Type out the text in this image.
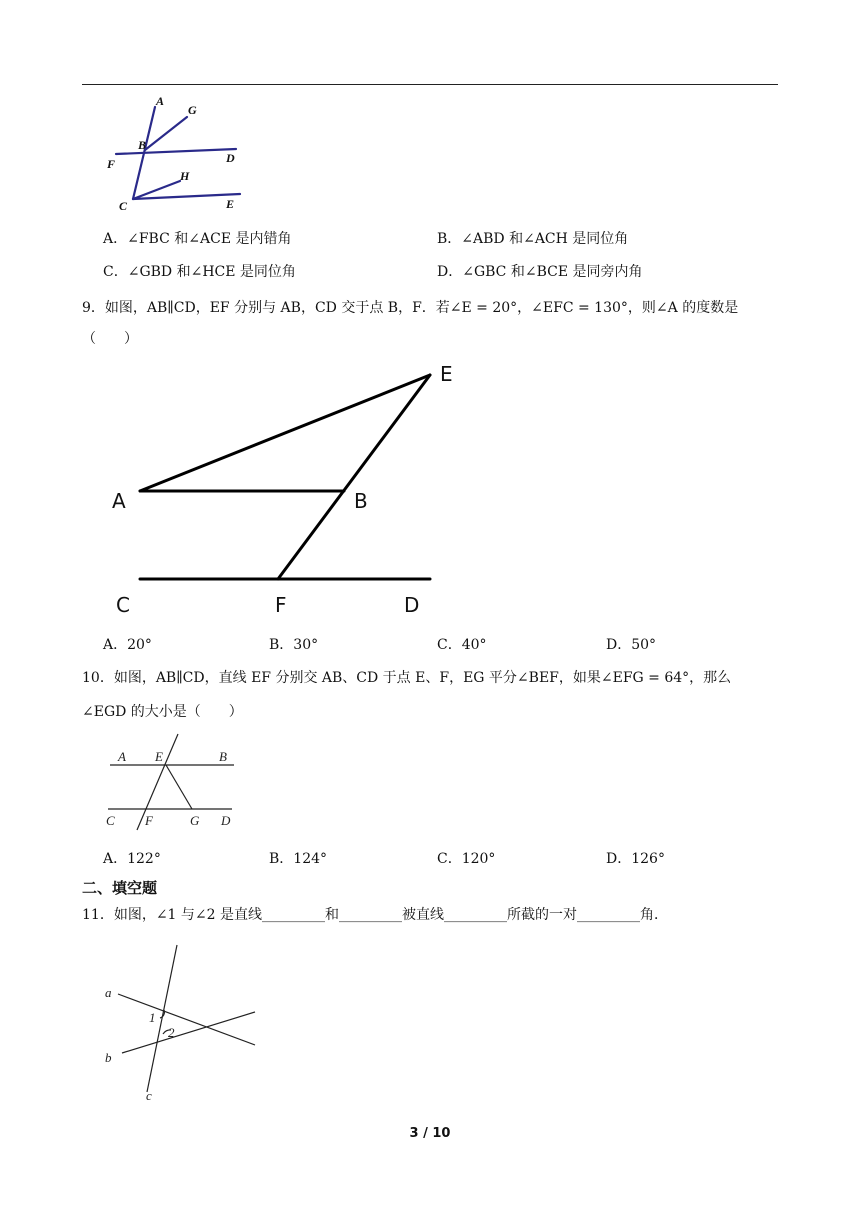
A
G
B
F	D
H
C	E
A．∠FBC 和∠ACE 是内错角	B．∠ABD 和∠ACH 是同位角
C．∠GBD 和∠HCE 是同位角	D．∠GBC 和∠BCE 是同旁内角
9．如图，AB∥CD，EF 分别与 AB，CD 交于点 B，F．若∠E = 20°，∠EFC = 130°，则∠A 的度数是
（　　）
E
A	B
C	F	D
A．20°	B．30°	C．40°	D．50°
10．如图，AB∥CD，直线 EF 分别交 AB、CD 于点 E、F，EG 平分∠BEF，如果∠EFG = 64°，那么
∠EGD 的大小是（　　）
A E	B
C F	G D
A．122°	B．124°	C．120°	D．126°
二、填空题
11．如图，∠1 与∠2 是直线_________和_________被直线_________所截的一对_________角．
a
b
c
1
2
3 / 10
